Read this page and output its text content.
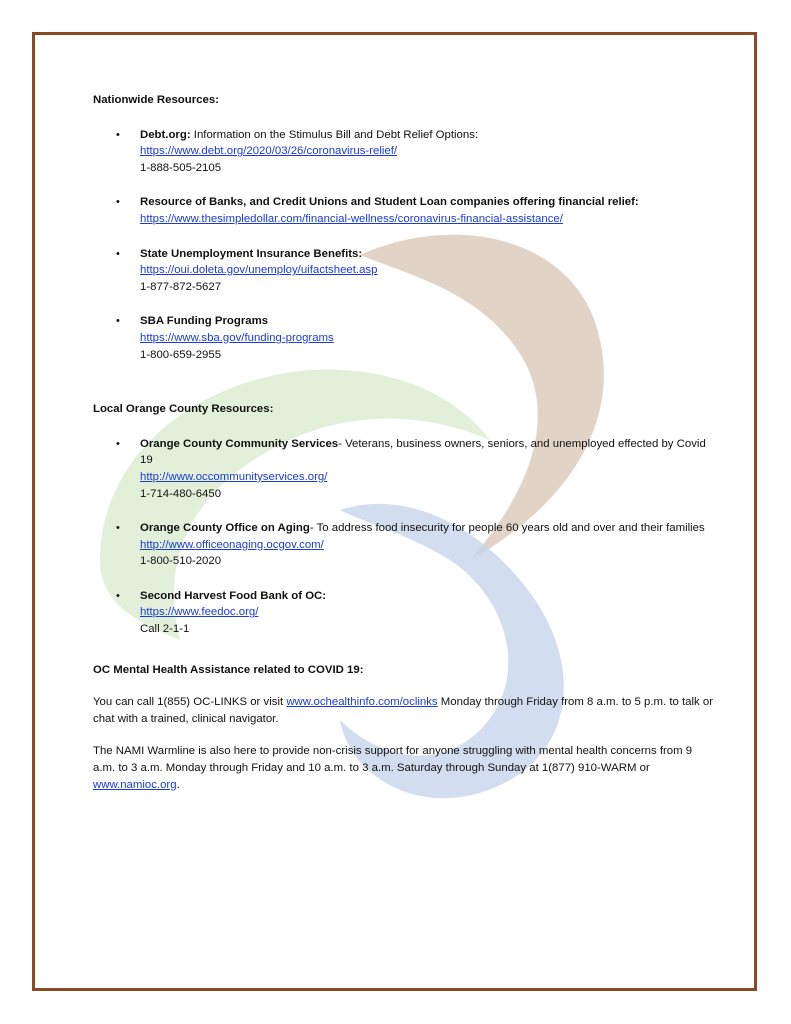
Nationwide Resources:

• Debt.org: Information on the Stimulus Bill and Debt Relief Options:
https://www.debt.org/2020/03/26/coronavirus-relief/
1-888-505-2105
• Resource of Banks, and Credit Unions and Student Loan companies offering financial relief:
https://www.thesimpledollar.com/financial-wellness/coronavirus-financial-assistance/
• State Unemployment Insurance Benefits:
https://oui.doleta.gov/unemploy/uifactsheet.asp
1-877-872-5627
• SBA Funding Programs
https://www.sba.gov/funding-programs
1-800-659-2955

Local Orange County Resources:

• Orange County Community Services- Veterans, business owners, seniors, and unemployed effected by Covid 19
http://www.occommunityservices.org/
1-714-480-6450
• Orange County Office on Aging- To address food insecurity for people 60 years old and over and their families
http://www.officeonaging.ocgov.com/
1-800-510-2020
• Second Harvest Food Bank of OC:
https://www.feedoc.org/
Call 2-1-1

OC Mental Health Assistance related to COVID 19:

You can call 1(855) OC-LINKS or visit www.ochealthinfo.com/oclinks Monday through Friday from 8 a.m. to 5 p.m. to talk or chat with a trained, clinical navigator.

The NAMI Warmline is also here to provide non-crisis support for anyone struggling with mental health concerns from 9 a.m. to 3 a.m. Monday through Friday and 10 a.m. to 3 a.m. Saturday through Sunday at 1(877) 910-WARM or www.namioc.org.
